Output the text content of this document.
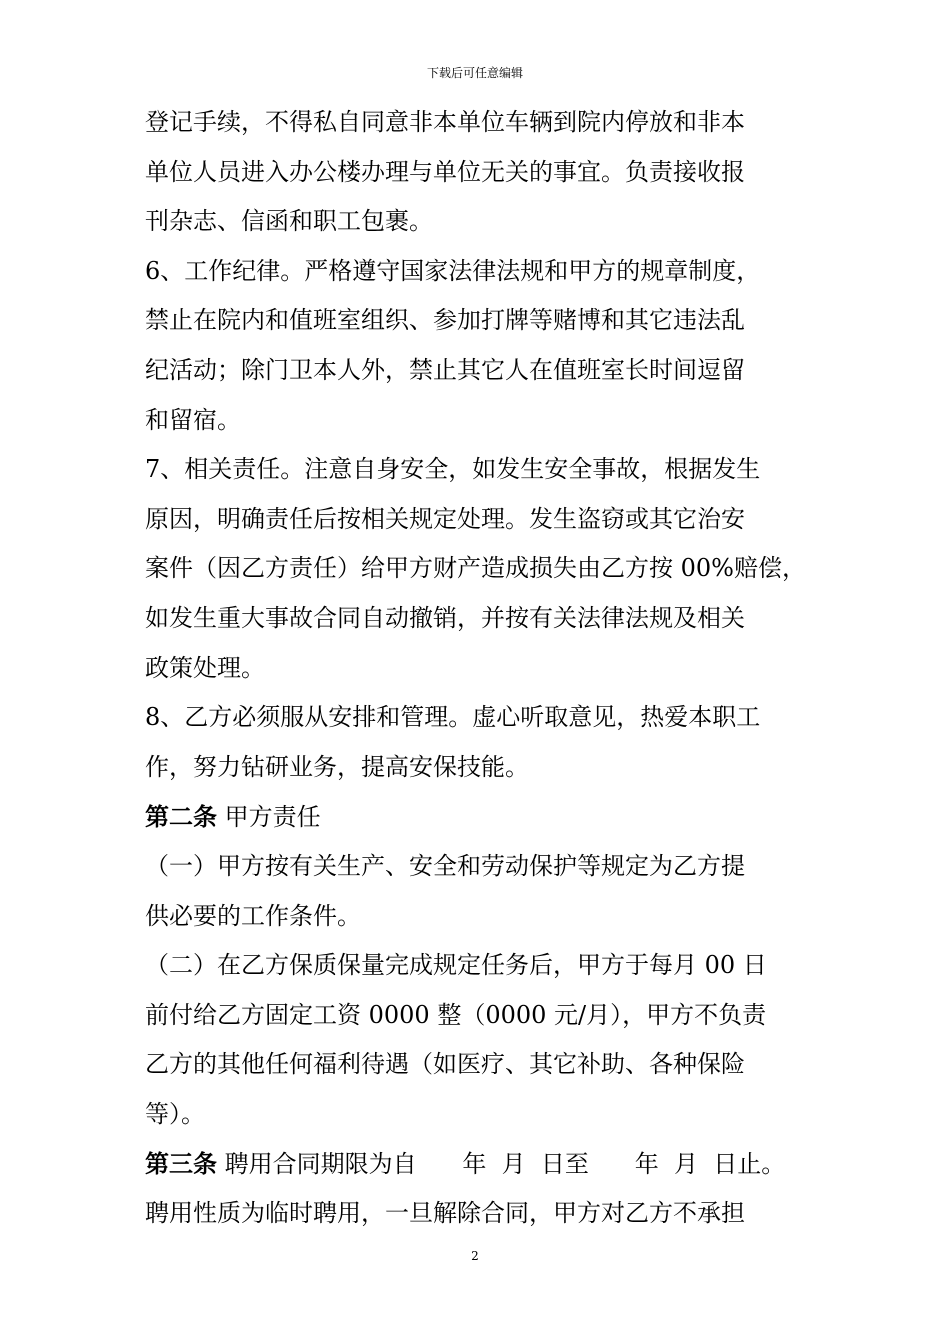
下载后可任意编辑
登记手续，不得私自同意非本单位车辆到院内停放和非本
单位人员进入办公楼办理与单位无关的事宜。负责接收报
刊杂志、信函和职工包裹。
6、工作纪律。严格遵守国家法律法规和甲方的规章制度，
禁止在院内和值班室组织、参加打牌等赌博和其它违法乱
纪活动；除门卫本人外，禁止其它人在值班室长时间逗留
和留宿。
7、相关责任。注意自身安全，如发生安全事故，根据发生
原因，明确责任后按相关规定处理。发生盗窃或其它治安
案件（因乙方责任）给甲方财产造成损失由乙方按 00%赔偿，
如发生重大事故合同自动撤销，并按有关法律法规及相关
政策处理。
8、乙方必须服从安排和管理。虚心听取意见，热爱本职工
作，努力钻研业务，提高安保技能。
第二条 甲方责任
（一）甲方按有关生产、安全和劳动保护等规定为乙方提
供必要的工作条件。
（二）在乙方保质保量完成规定任务后，甲方于每月 00 日
前付给乙方固定工资 0000 整（0000 元/月），甲方不负责
乙方的其他任何福利待遇（如医疗、其它补助、各种保险
等）。
第三条 聘用合同期限为自      年  月  日至      年  月  日止。
聘用性质为临时聘用，一旦解除合同，甲方对乙方不承担
2
